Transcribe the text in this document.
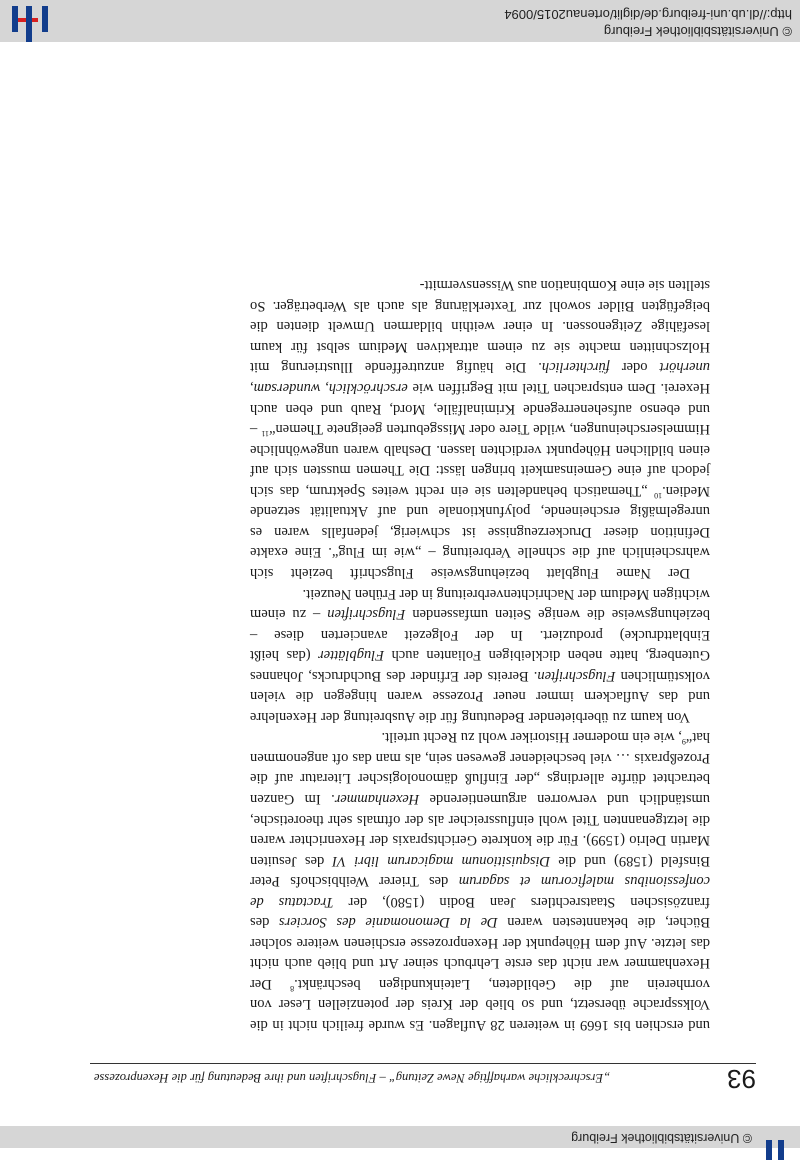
© Universitätsbibliothek Freiburg
93
„Erschreckliche warhafftige Newe Zeitung“ – Flugschriften und ihre Bedeutung für die Hexenprozesse

und erschien bis 1669 in weiteren 28 Auflagen. Es wurde freilich nicht in die Volkssprache übersetzt, und so blieb der Kreis der potenziellen Leser von vornherein auf die Gebildeten, Lateinkundigen beschränkt.$^8$ Der Hexenhammer war nicht das erste Lehrbuch seiner Art und blieb auch nicht das letzte. Auf dem Höhepunkt der Hexenprozesse erschienen weitere solcher Bücher, die bekanntesten waren De la Demonomanie des Sorciers des französischen Staatsrechtlers Jean Bodin (1580), der Tractatus de confessionibus maleficorum et sagarum des Trierer Weihbischofs Peter Binsfeld (1589) und die Disquisitionum magicarum libri VI des Jesuiten Martin Delrio (1599). Für die konkrete Gerichtspraxis der Hexenrichter waren die letztgenannten Titel wohl einflussreicher als der oftmals sehr theoretische, umständlich und verworren argumentierende Hexenhammer. Im Ganzen betrachtet dürfte allerdings „der Einfluß dämonologischer Literatur auf die Prozeßpraxis … viel bescheidener gewesen sein, als man das oft angenommen hat“$^9$, wie ein moderner Historiker wohl zu Recht urteilt.

Von kaum zu überbietender Bedeutung für die Ausbreitung der Hexenlehre und das Auflackern immer neuer Prozesse waren hingegen die vielen volkstümlichen Flugschriften. Bereits der Erfinder des Buchdrucks, Johannes Gutenberg, hatte neben dickleibigen Folianten auch Flugblätter (das heißt Einblattdrucke) produziert. In der Folgezeit avancierten diese – beziehungsweise die wenige Seiten umfassenden Flugschriften – zu einem wichtigen Medium der Nachrichtenverbreitung in der Frühen Neuzeit.

Der Name Flugblatt beziehungsweise Flugschrift bezieht sich wahrscheinlich auf die schnelle Verbreitung – „wie im Flug“. Eine exakte Definition dieser Druckerzeugnisse ist schwierig, jedenfalls waren es unregelmäßig erscheinende, polyfunktionale und auf Aktualität setzende Medien.$^{10}$ „Thematisch behandelten sie ein recht weites Spektrum, das sich jedoch auf eine Gemeinsamkeit bringen lässt: Die Themen mussten sich auf einen bildlichen Höhepunkt verdichten lassen. Deshalb waren ungewöhnliche Himmelserscheinungen, wilde Tiere oder Missgeburten geeignete Themen“$^{11}$ – und ebenso aufsehenerregende Kriminalfälle, Mord, Raub und eben auch Hexerei. Dem entsprachen Titel mit Begriffen wie erschröcklich, wundersam, unerhört oder fürchterlich. Die häufig anzutreffende Illustrierung mit Holzschnitten machte sie zu einem attraktiven Medium selbst für kaum lesefähige Zeitgenossen. In einer weithin bildarmen Umwelt dienten die beigefügten Bilder sowohl zur Texterklärung als auch als Werbeträger. So stellten sie eine Kombination aus Wissensvermitt-

© Universitätsbibliothek Freiburg
http://dl.ub.uni-freiburg.de/diglit/ortenau2015/0094
